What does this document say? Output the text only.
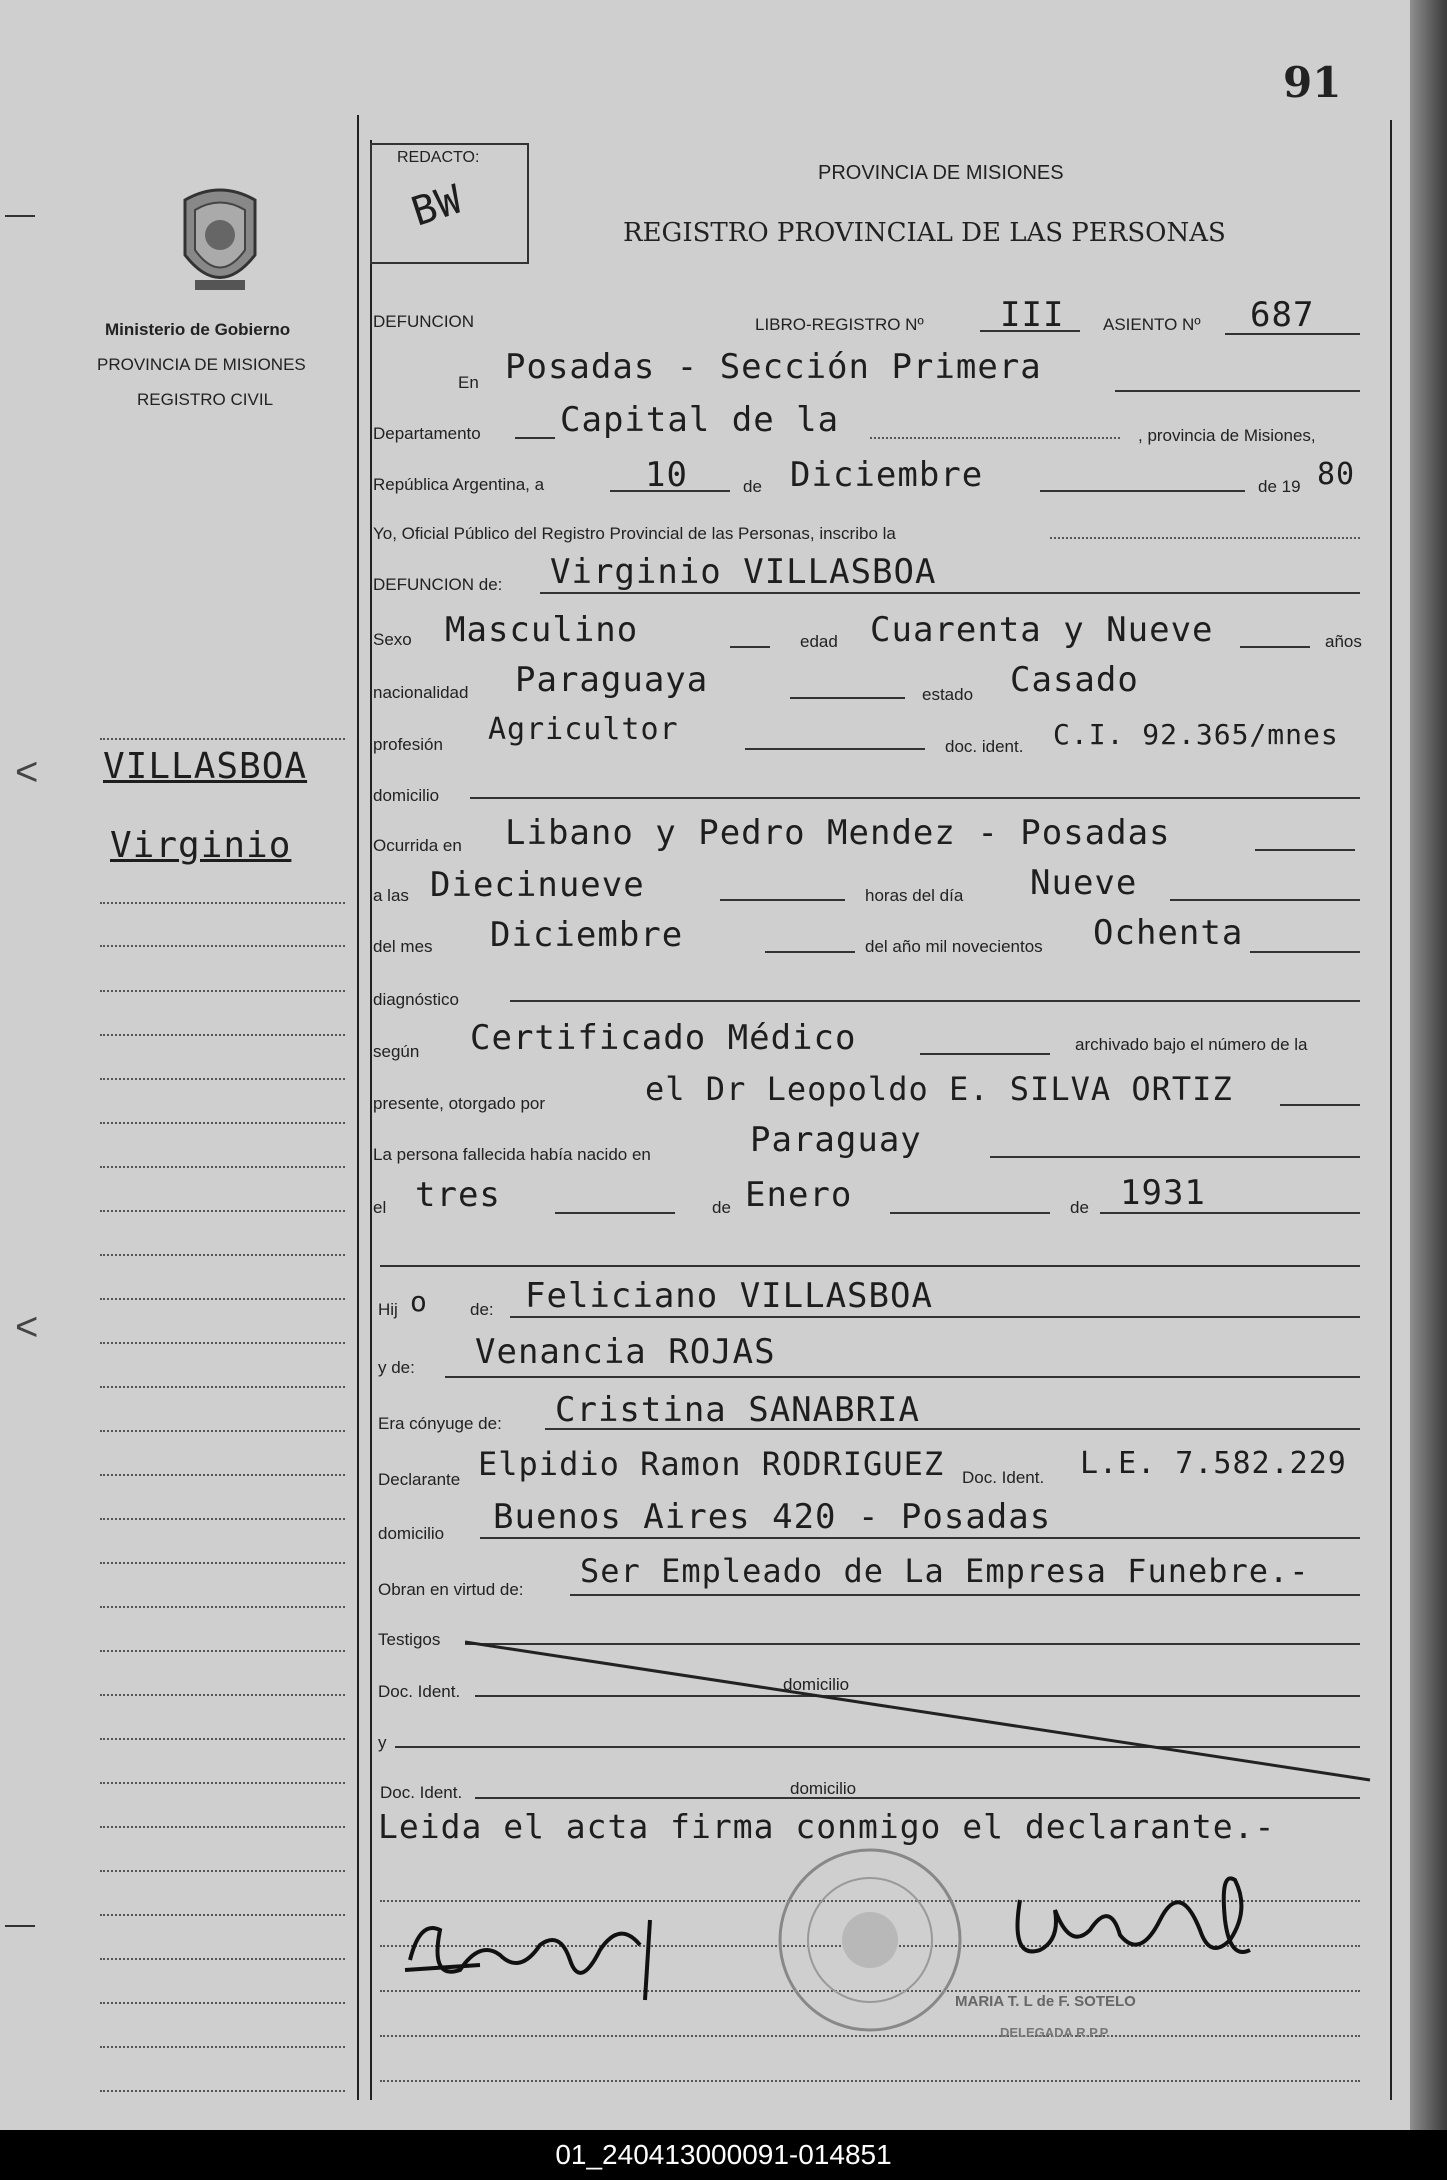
91
<
<
REDACTO:
BW
Ministerio de Gobierno
PROVINCIA DE MISIONES
REGISTRO CIVIL
PROVINCIA DE MISIONES
REGISTRO PROVINCIAL DE LAS PERSONAS
VILLASBOA
Virginio
DEFUNCION	LIBRO-REGISTRO Nº III ASIENTO Nº 687
En Posadas - Sección Primera
Departamento Capital de la	, provincia de Misiones,
República Argentina, a	10	de Diciembre	de 19 80
Yo, Oficial Público del Registro Provincial de las Personas, inscribo la
DEFUNCION de: Virginio VILLASBOA
Sexo Masculino	edad Cuarenta y Nueve	años
nacionalidad Paraguaya	estado Casado
profesión Agricultor	doc. ident. C.I. 92.365/mnes
domicilio
Ocurrida en Libano y Pedro Mendez - Posadas
a las Diecinueve	horas del día Nueve
del mes Diciembre	del año mil novecientos Ochenta
diagnóstico
según Certificado Médico	archivado bajo el número de la
presente, otorgado por	el Dr Leopoldo E. SILVA ORTIZ
La persona fallecida había nacido en	Paraguay
el tres	de Enero	de 1931
Hij o de: Feliciano VILLASBOA
y de: Venancia ROJAS
Era cónyuge de: Cristina SANABRIA
Declarante Elpidio Ramon RODRIGUEZ Doc. Ident. L.E. 7.582.229
domicilio Buenos Aires 420 - Posadas
Obran en virtud de: Ser Empleado de La Empresa Funebre.-
Testigos
Doc. Ident.	domicilio
y
Doc. Ident.	domicilio
Leida el acta firma conmigo el declarante.-
MARIA T. L de F. SOTELO
DELEGADA R.P.P.
01_240413000091-014851
